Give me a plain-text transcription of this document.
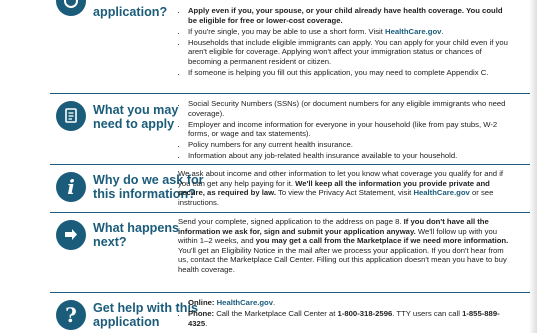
application?	• Apply even if you, your spouse, or your child already have health coverage. You could be eligible for free or lower-cost coverage.
• If you're single, you may be able to use a short form. Visit HealthCare.gov.
• Households that include eligible immigrants can apply. You can apply for your child even if you aren't eligible for coverage. Applying won't affect your immigration status or chances of becoming a permanent resident or citizen.
• If someone is helping you fill out this application, you may need to complete Appendix C.
What you may
need to apply
• Social Security Numbers (SSNs) (or document numbers for any eligible immigrants who need coverage).
• Employer and income information for everyone in your household (like from pay stubs, W-2 forms, or wage and tax statements).
• Policy numbers for any current health insurance.
• Information about any job-related health insurance available to your household.
i Why do we ask for
this information?

We ask about income and other information to let you know what coverage you qualify for and if you can get any help paying for it. We'll keep all the information you provide private and secure, as required by law. To view the Privacy Act Statement, visit HealthCare.gov or see instructions.

What happens
next?

Send your complete, signed application to the address on page 8. If you don't have all the information we ask for, sign and submit your application anyway. We'll follow up with you within 1–2 weeks, and you may get a call from the Marketplace if we need more information. You'll get an Eligibility Notice in the mail after we process your application. If you don't hear from us, contact the Marketplace Call Center. Filling out this application doesn't mean you have to buy health coverage.

? Get help with this
application
• Online: HealthCare.gov.
• Phone: Call the Marketplace Call Center at 1-800-318-2596. TTY users can call 1-855-889-4325.
